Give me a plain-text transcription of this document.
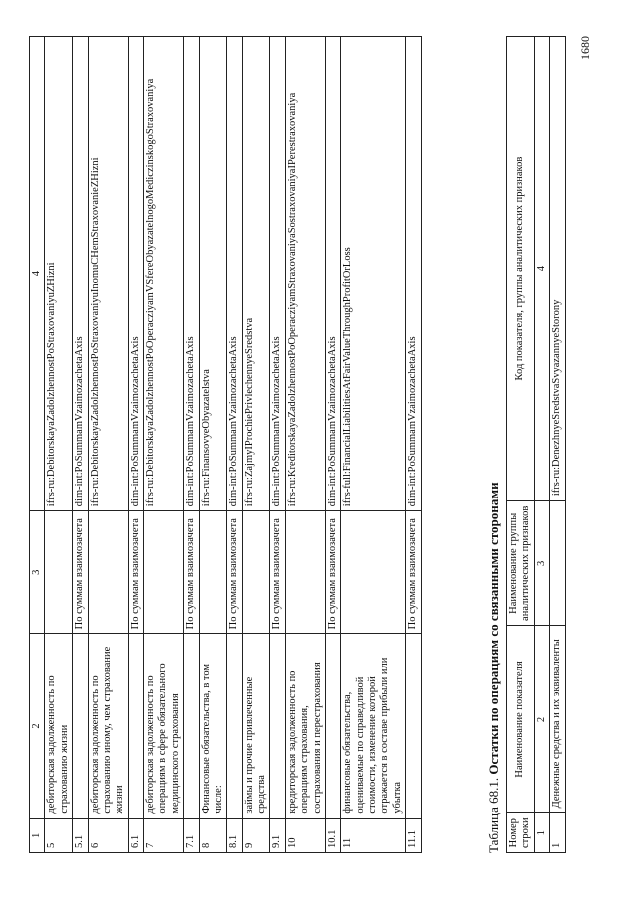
1	2	3	4
5	дебиторская задолженность по страхованию жизни		ifrs-ru:DebitorskayaZadolzhennostPoStraxovaniyuZHizni
5.1		По суммам взаимозачета	dim-int:PoSummamVzaimozachetaAxis
6	дебиторская задолженность по страхованию иному, чем страхование жизни		ifrs-ru:DebitorskayaZadolzhennostPoStraxovaniyuInomuCHemStraxovanieZHizni
6.1		По суммам взаимозачета	dim-int:PoSummamVzaimozachetaAxis
7	дебиторская задолженность по операциям в сфере обязательного медицинского страхования		ifrs-ru:DebitorskayaZadolzhennostPoOperacziyamVSfereObyazatelnogoMediczinskogoStraxovaniya
7.1		По суммам взаимозачета	dim-int:PoSummamVzaimozachetaAxis
8	Финансовые обязательства, в том числе:		ifrs-ru:FinansovyeObyazatelstva
8.1		По суммам взаимозачета	dim-int:PoSummamVzaimozachetaAxis
9	займы и прочие привлеченные средства		ifrs-ru:ZajmyIProchiePrivlechennyeSredstva
9.1		По суммам взаимозачета	dim-int:PoSummamVzaimozachetaAxis
10	кредиторская задолженность по операциям страхования, сострахования и перестрахования		ifrs-ru:KreditorskayaZadolzhennostPoOperacziyamStraxovaniyaSostraxovaniyaIPerestraxovaniya
10.1		По суммам взаимозачета	dim-int:PoSummamVzaimozachetaAxis
11	финансовые обязательства, оцениваемые по справедливой стоимости, изменение которой отражается в составе прибыли или убытка		ifrs-full:FinancialLiabilitiesAtFairValueThroughProfitOrLoss
11.1		По суммам взаимозачета	dim-int:PoSummamVzaimozachetaAxis
Таблица 68.1. Остатки по операциям со связанными сторонами
Номер строки	Наименование показателя	Наименование группы аналитических признаков	Код показателя, группы аналитических признаков
1	2	3	4
1	Денежные средства и их эквиваленты		ifrs-ru:DenezhnyeSredstvaSvyazannyeStorony
1680
